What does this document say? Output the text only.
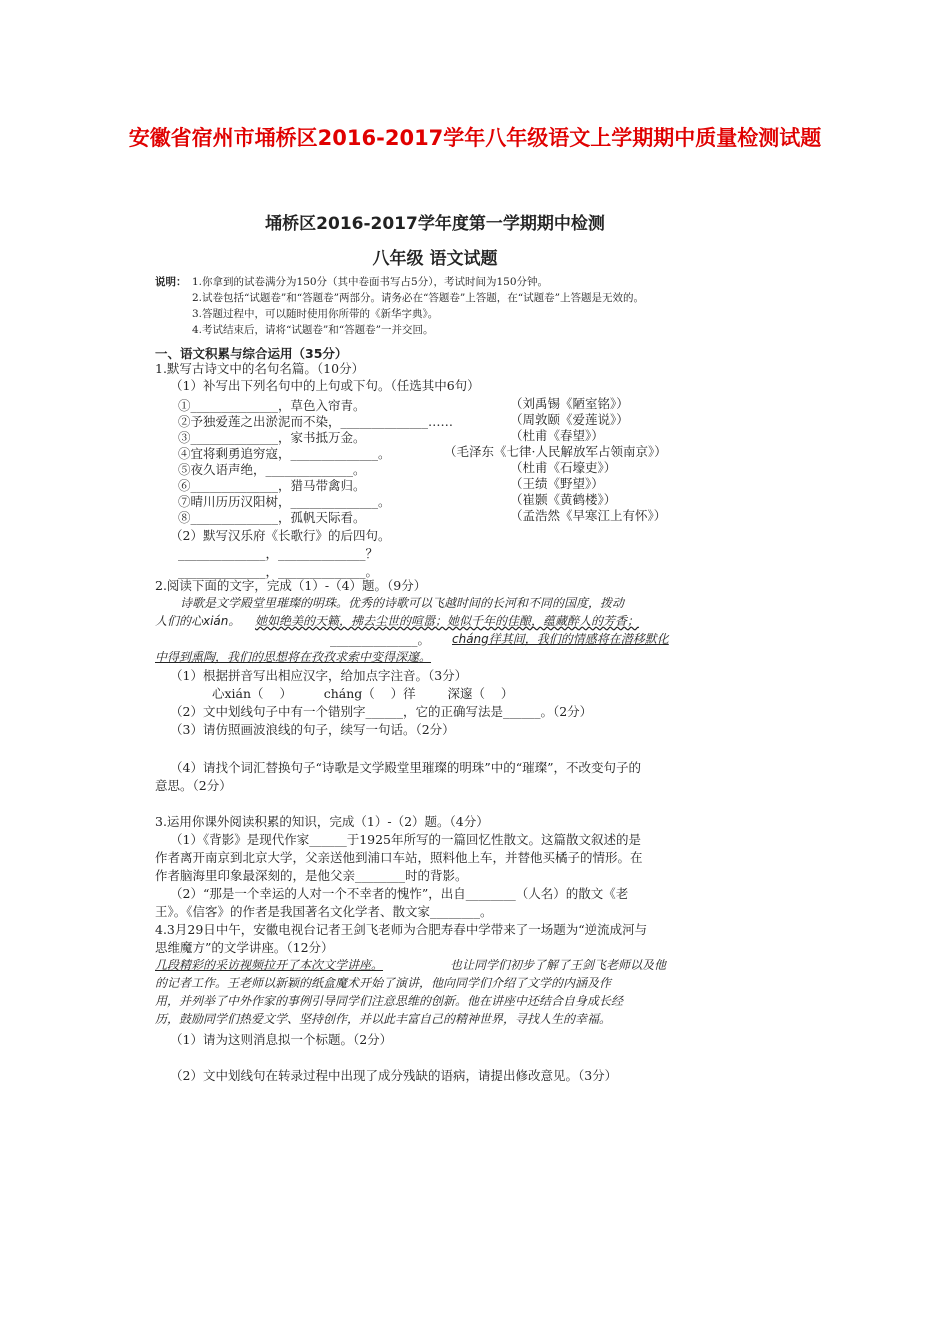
安徽省宿州市埇桥区2016-2017学年八年级语文上学期期中质量检测试题
埇桥区2016-2017学年度第一学期期中检测
八年级 语文试题
说明： 1.你拿到的试卷满分为150分（其中卷面书写占5分），考试时间为150分钟。
2.试卷包括“试题卷”和“答题卷”两部分。请务必在“答题卷”上答题，在“试题卷”上答题是无效的。
3.答题过程中，可以随时使用你所带的《新华字典》。
4.考试结束后，请将“试题卷”和“答题卷”一并交回。
一、语文积累与综合运用（35分）
1.默写古诗文中的名句名篇。（10分）
（1）补写出下列名句中的上句或下句。（任选其中6句）
①______________，草色入帘青。
②予独爱莲之出淤泥而不染，______________……
③______________，家书抵万金。
④宜将剩勇追穷寇，______________。
⑤夜久语声绝，______________。
⑥______________，猎马带禽归。
⑦晴川历历汉阳树，______________。
⑧______________，孤帆天际看。
（刘禹锡《陋室铭》）
（周敦颐《爱莲说》）
（杜甫《春望》）
（毛泽东《七律·人民解放军占领南京》）
（杜甫《石壕吏》）
（王绩《野望》）
（崔颢《黄鹤楼》）
（孟浩然《早寒江上有怀》）
（2）默写汉乐府《长歌行》的后四句。
______________，______________？
______________，______________。
2.阅读下面的文字，完成（1）-（4）题。（9分）
诗歌是文学殿堂里璀璨的明珠。优秀的诗歌可以飞越时间的长河和不同的国度，拨动
人们的心xián。 她如绝美的天籁，拂去尘世的喧嚣；她似千年的佳酿，蕴藏醉人的芳香；
______________。 cháng徉其间，我们的情感将在潜移默化
中得到熏陶，我们的思想将在孜孜求索中变得深邃。
（1）根据拼音写出相应汉字，给加点字注音。（3分）
心xián（    ）        cháng（    ）徉        深邃（    ）
（2）文中划线句子中有一个错别字______，它的正确写法是______。（2分）
（3）请仿照画波浪线的句子，续写一句话。（2分）
（4）请找个词汇替换句子“诗歌是文学殿堂里璀璨的明珠”中的“璀璨”，不改变句子的
意思。（2分）
3.运用你课外阅读积累的知识，完成（1）-（2）题。（4分）
（1）《背影》是现代作家______于1925年所写的一篇回忆性散文。这篇散文叙述的是
作者离开南京到北京大学，父亲送他到浦口车站，照料他上车，并替他买橘子的情形。在
作者脑海里印象最深刻的，是他父亲________时的背影。
（2）“那是一个幸运的人对一个不幸者的愧怍”，出自________（人名）的散文《老
王》。《信客》的作者是我国著名文化学者、散文家________。
4.3月29日中午，安徽电视台记者王剑飞老师为合肥寿春中学带来了一场题为“逆流成河与
思维魔方”的文学讲座。（12分）
几段精彩的采访视频拉开了本次文学讲座。	也让同学们初步了解了王剑飞老师以及他
的记者工作。王老师以新颖的纸盒魔术开始了演讲，他向同学们介绍了文学的内涵及作
用，并列举了中外作家的事例引导同学们注意思维的创新。他在讲座中还结合自身成长经
历，鼓励同学们热爱文学、坚持创作，并以此丰富自己的精神世界，寻找人生的幸福。
（1）请为这则消息拟一个标题。（2分）
（2）文中划线句在转录过程中出现了成分残缺的语病，请提出修改意见。（3分）
